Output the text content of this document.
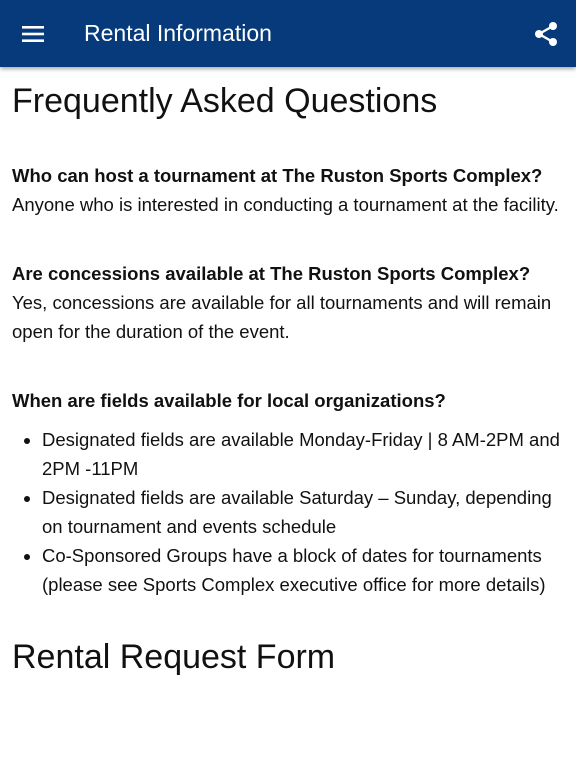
Rental Information
Frequently Asked Questions

Who can host a tournament at The Ruston Sports Complex?

Anyone who is interested in conducting a tournament at the facility.

Are concessions available at The Ruston Sports Complex?

Yes, concessions are available for all tournaments and will remain open for the duration of the event.

When are fields available for local organizations?

• Designated fields are available Monday-Friday | 8 AM-2PM and 2PM -11PM
• Designated fields are available Saturday – Sunday, depending on tournament and events schedule
• Co-Sponsored Groups have a block of dates for tournaments (please see Sports Complex executive office for more details)
Rental Request Form
